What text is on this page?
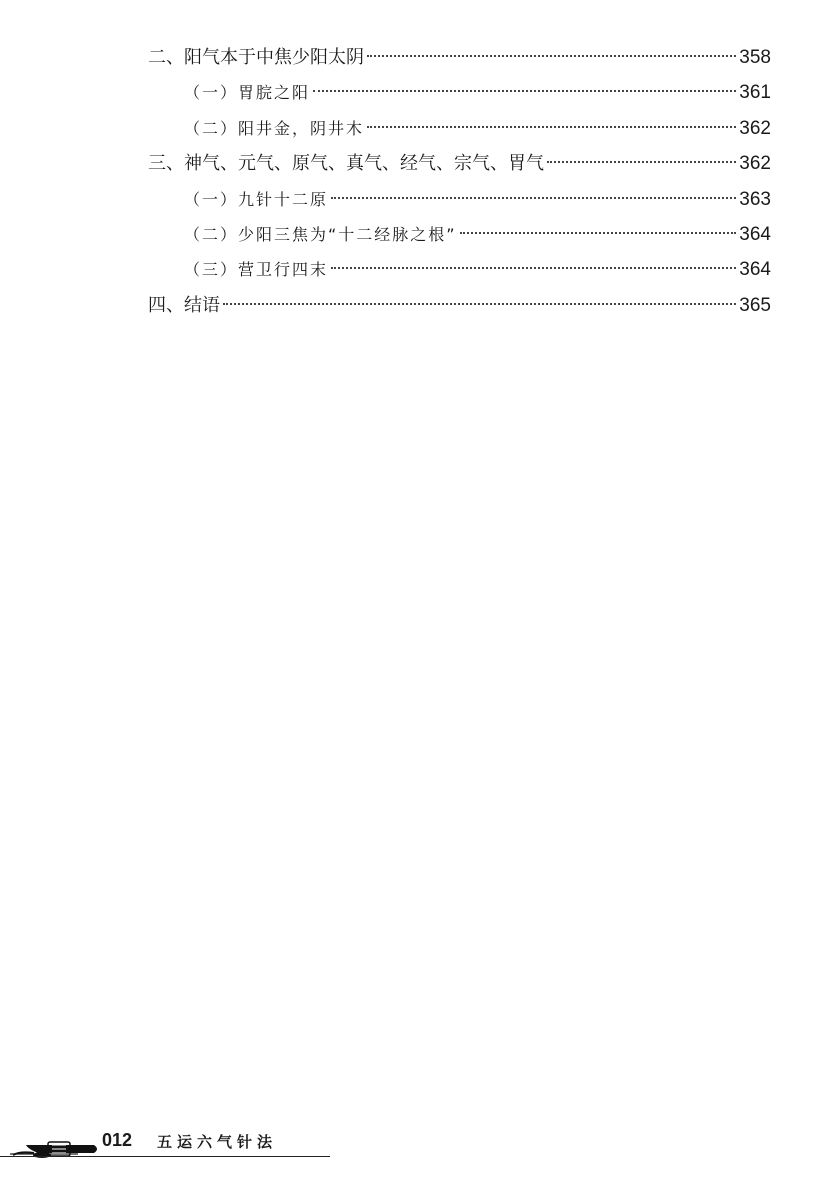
二、阳气本于中焦少阳太阴	358
（一）胃脘之阳	361
（二）阳井金，阴井木	362
三、神气、元气、原气、真气、经气、宗气、胃气	362
（一）九针十二原	363
（二）少阳三焦为“十二经脉之根”	364
（三）营卫行四末	364
四、结语	365
012 五运六气针法
